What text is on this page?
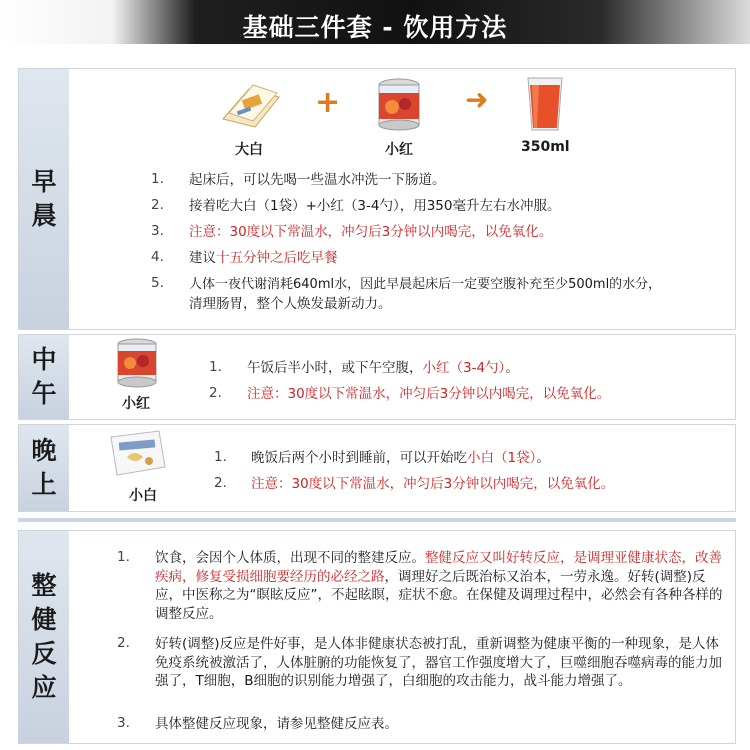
基础三件套 - 饮用方法
早
晨
大白
+
小红
➜
350ml
1. 起床后，可以先喝一些温水冲洗一下肠道。
2. 接着吃大白（1袋）+小红（3-4勺），用350毫升左右水冲服。
3. 注意：30度以下常温水，冲匀后3分钟以内喝完，以免氧化。
4. 建议十五分钟之后吃早餐
5. 人体一夜代谢消耗640ml水，因此早晨起床后一定要空腹补充至少500ml的水分，
清理肠胃，整个人焕发最新动力。
中
午	小红
1. 午饭后半小时，或下午空腹，小红（3-4勺）。
2. 注意：30度以下常温水，冲匀后3分钟以内喝完，以免氧化。
晚
上	小白
1. 晚饭后两个小时到睡前，可以开始吃小白（1袋）。
2. 注意：30度以下常温水，冲匀后3分钟以内喝完，以免氧化。
整
健
反
应
1. 饮食，会因个人体质，出现不同的整建反应。整健反应又叫好转反应，是调理亚健康状态，改善疾病，修复受损细胞要经历的必经之路，调理好之后既治标又治本，一劳永逸。好转(调整)反应，中医称之为“瞑眩反应”，不起眩瞑，症状不愈。在保健及调理过程中，必然会有各种各样的调整反应。
2. 好转(调整)反应是件好事，是人体非健康状态被打乱，重新调整为健康平衡的一种现象，是人体免疫系统被激活了，人体脏腑的功能恢复了，器官工作强度增大了，巨噬细胞吞噬病毒的能力加强了，T细胞，B细胞的识别能力增强了，白细胞的攻击能力，战斗能力增强了。
3. 具体整健反应现象，请参见整健反应表。
